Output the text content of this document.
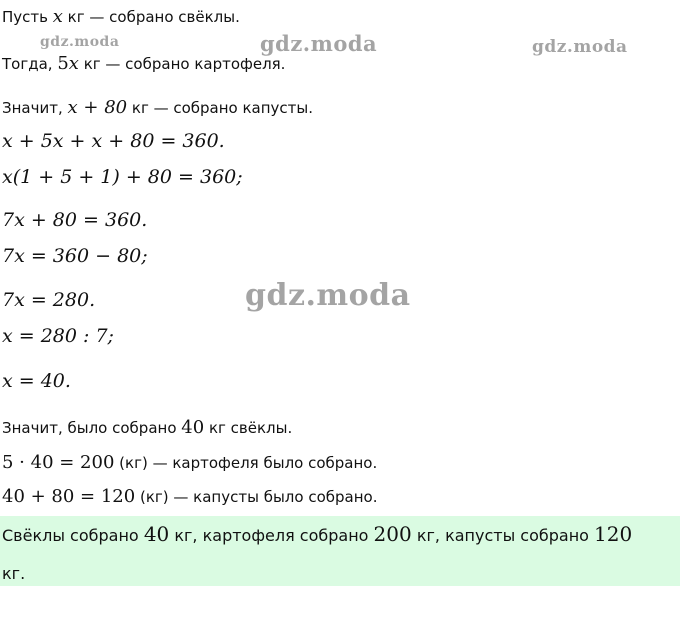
gdz.moda	gdz.moda	gdz.moda
gdz.moda
Пусть x кг — собрано свёклы.
Тогда, 5x кг — собрано картофеля.
Значит, x + 80 кг — собрано капусты.
x + 5x + x + 80 = 360.
x(1 + 5 + 1) + 80 = 360;
7x + 80 = 360.
7x = 360 − 80;
7x = 280.
x = 280 : 7;
x = 40.
Значит, было собрано 40 кг свёклы.
5 · 40 = 200 (кг) — картофеля было собрано.
40 + 80 = 120 (кг) — капусты было собрано.
Свёклы собрано 40 кг, картофеля собрано 200 кг, капусты собрано 120
кг.
